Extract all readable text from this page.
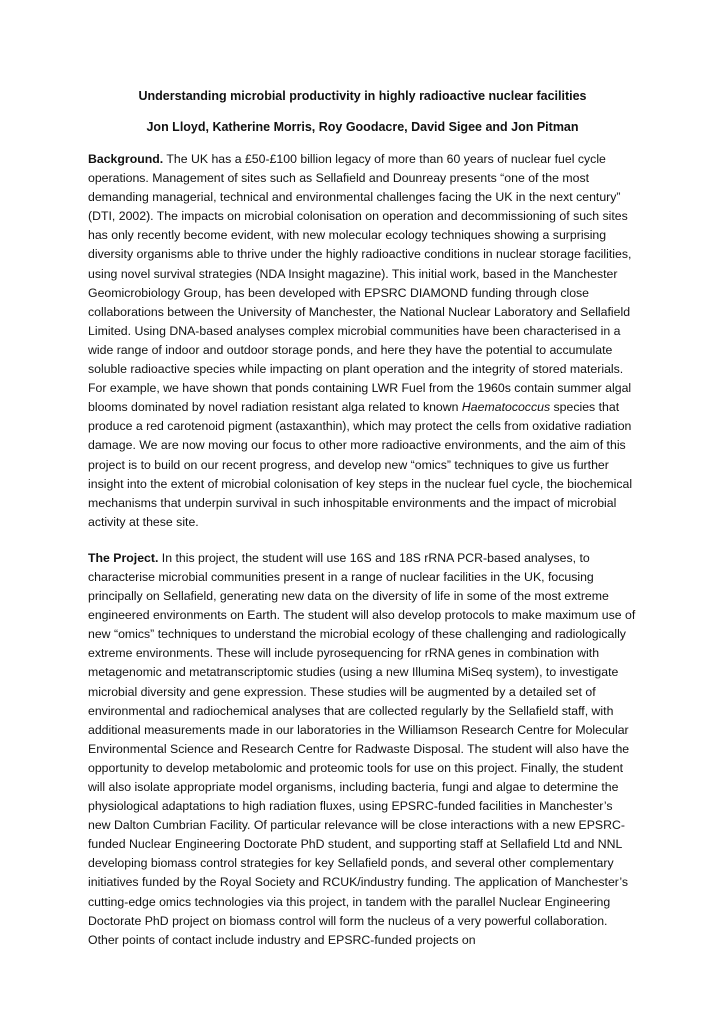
Understanding microbial productivity in highly radioactive nuclear facilities
Jon Lloyd, Katherine Morris, Roy Goodacre, David Sigee and Jon Pitman

Background. The UK has a £50-£100 billion legacy of more than 60 years of nuclear fuel cycle operations. Management of sites such as Sellafield and Dounreay presents “one of the most demanding managerial, technical and environmental challenges facing the UK in the next century” (DTI, 2002). The impacts on microbial colonisation on operation and decommissioning of such sites has only recently become evident, with new molecular ecology techniques showing a surprising diversity organisms able to thrive under the highly radioactive conditions in nuclear storage facilities, using novel survival strategies (NDA Insight magazine). This initial work, based in the Manchester Geomicrobiology Group, has been developed with EPSRC DIAMOND funding through close collaborations between the University of Manchester, the National Nuclear Laboratory and Sellafield Limited. Using DNA-based analyses complex microbial communities have been characterised in a wide range of indoor and outdoor storage ponds, and here they have the potential to accumulate soluble radioactive species while impacting on plant operation and the integrity of stored materials. For example, we have shown that ponds containing LWR Fuel from the 1960s contain summer algal blooms dominated by novel radiation resistant alga related to known Haematococcus species that produce a red carotenoid pigment (astaxanthin), which may protect the cells from oxidative radiation damage. We are now moving our focus to other more radioactive environments, and the aim of this project is to build on our recent progress, and develop new “omics” techniques to give us further insight into the extent of microbial colonisation of key steps in the nuclear fuel cycle, the biochemical mechanisms that underpin survival in such inhospitable environments and the impact of microbial activity at these site.

The Project. In this project, the student will use 16S and 18S rRNA PCR-based analyses, to characterise microbial communities present in a range of nuclear facilities in the UK, focusing principally on Sellafield, generating new data on the diversity of life in some of the most extreme engineered environments on Earth. The student will also develop protocols to make maximum use of new “omics” techniques to understand the microbial ecology of these challenging and radiologically extreme environments. These will include pyrosequencing for rRNA genes in combination with metagenomic and metatranscriptomic studies (using a new Illumina MiSeq system), to investigate microbial diversity and gene expression. These studies will be augmented by a detailed set of environmental and radiochemical analyses that are collected regularly by the Sellafield staff, with additional measurements made in our laboratories in the Williamson Research Centre for Molecular Environmental Science and Research Centre for Radwaste Disposal. The student will also have the opportunity to develop metabolomic and proteomic tools for use on this project. Finally, the student will also isolate appropriate model organisms, including bacteria, fungi and algae to determine the physiological adaptations to high radiation fluxes, using EPSRC-funded facilities in Manchester’s new Dalton Cumbrian Facility. Of particular relevance will be close interactions with a new EPSRC-funded Nuclear Engineering Doctorate PhD student, and supporting staff at Sellafield Ltd and NNL developing biomass control strategies for key Sellafield ponds, and several other complementary initiatives funded by the Royal Society and RCUK/industry funding. The application of Manchester’s cutting-edge omics technologies via this project, in tandem with the parallel Nuclear Engineering Doctorate PhD project on biomass control will form the nucleus of a very powerful collaboration. Other points of contact include industry and EPSRC-funded projects on
